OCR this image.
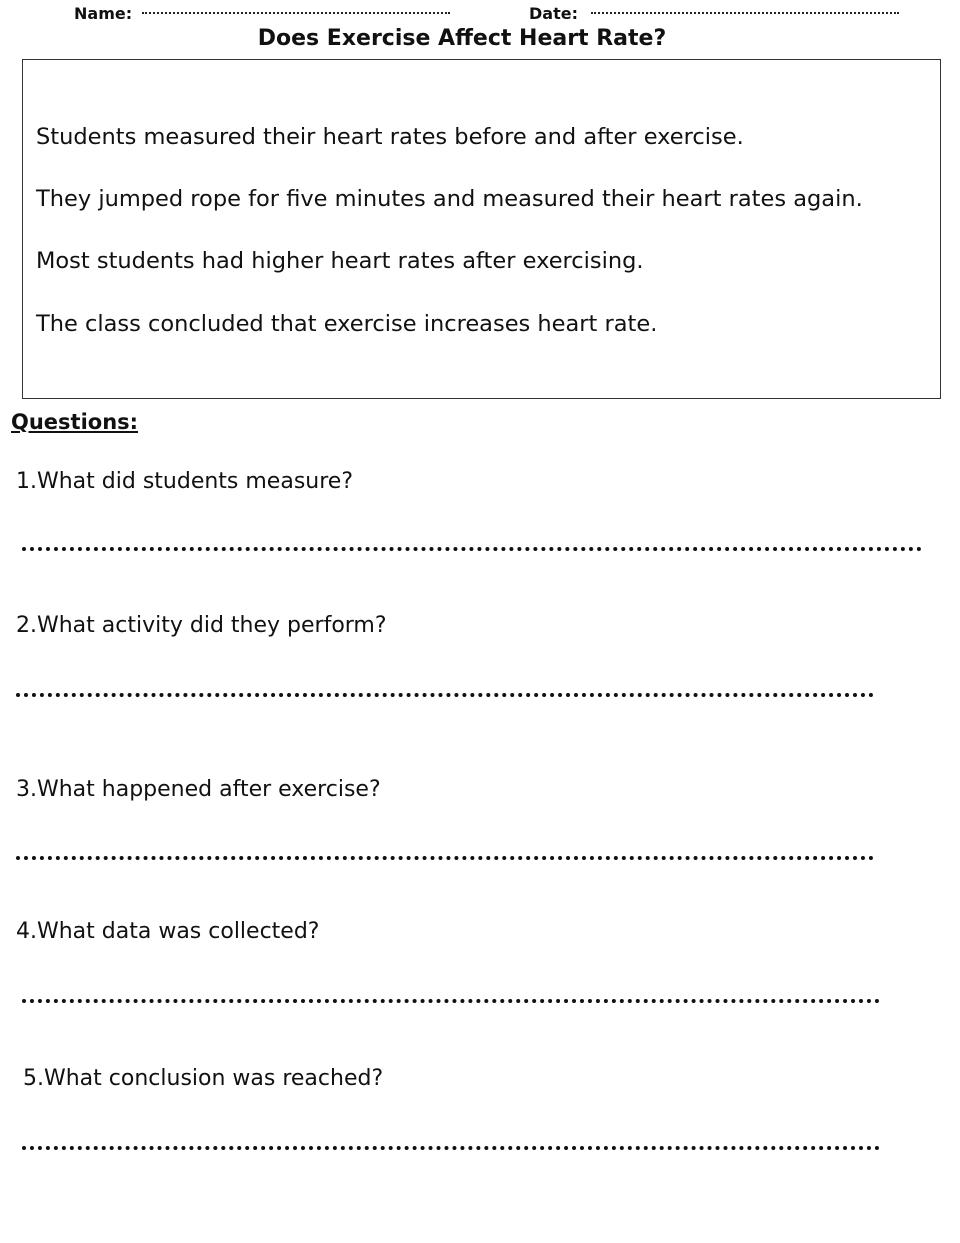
Name:	Date:
Does Exercise Affect Heart Rate?

Students measured their heart rates before and after exercise.

They jumped rope for five minutes and measured their heart rates again.

Most students had higher heart rates after exercising.

The class concluded that exercise increases heart rate.

Questions:
1.What did students measure?
2.What activity did they perform?
3.What happened after exercise?
4.What data was collected?
5.What conclusion was reached?
